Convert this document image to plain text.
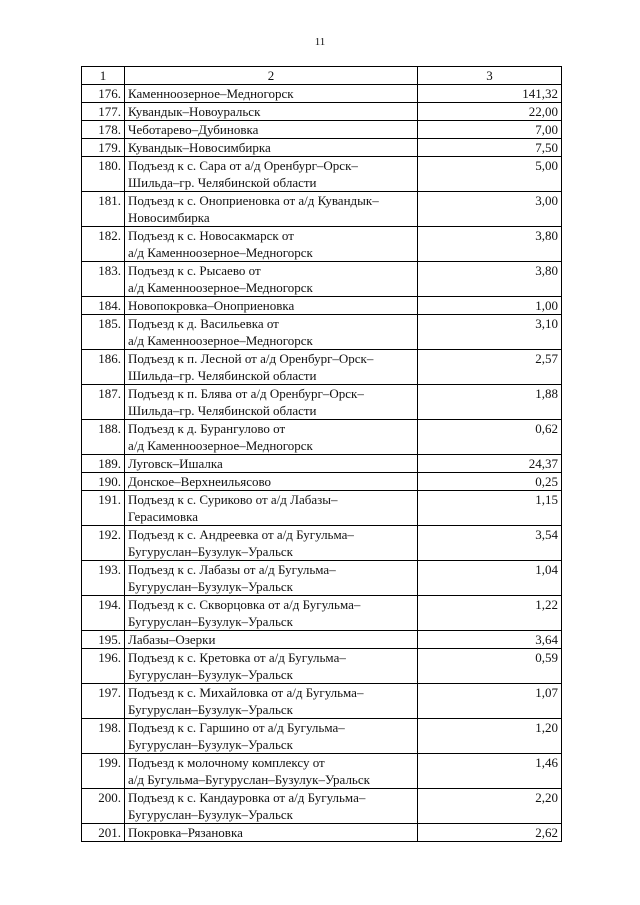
11
1	2	3
176.	Каменноозерное–Медногорск	141,32
177.	Кувандык–Новоуральск	22,00
178.	Чеботарево–Дубиновка	7,00
179.	Кувандык–Новосимбирка	7,50
180.	Подъезд к с. Сара от а/д Оренбург–Орск–
Шильда–гр. Челябинской области	5,00
181.	Подъезд к с. Оноприеновка от а/д Кувандык–
Новосимбирка	3,00
182.	Подъезд к с. Новосакмарск от
а/д Каменноозерное–Медногорск	3,80
183.	Подъезд к с. Рысаево от
а/д Каменноозерное–Медногорск	3,80
184.	Новопокровка–Оноприеновка	1,00
185.	Подъезд к д. Васильевка от
а/д Каменноозерное–Медногорск	3,10
186.	Подъезд к п. Лесной от а/д Оренбург–Орск–
Шильда–гр. Челябинской области	2,57
187.	Подъезд к п. Блява от а/д Оренбург–Орск–
Шильда–гр. Челябинской области	1,88
188.	Подъезд к д. Бурангулово от
а/д Каменноозерное–Медногорск	0,62
189.	Луговск–Ишалка	24,37
190.	Донское–Верхнеильясово	0,25
191.	Подъезд к с. Суриково от а/д Лабазы–
Герасимовка	1,15
192.	Подъезд к с. Андреевка от а/д Бугульма–
Бугуруслан–Бузулук–Уральск	3,54
193.	Подъезд к с. Лабазы от а/д Бугульма–
Бугуруслан–Бузулук–Уральск	1,04
194.	Подъезд к с. Скворцовка от а/д Бугульма–
Бугуруслан–Бузулук–Уральск	1,22
195.	Лабазы–Озерки	3,64
196.	Подъезд к с. Кретовка от а/д Бугульма–
Бугуруслан–Бузулук–Уральск	0,59
197.	Подъезд к с. Михайловка от а/д Бугульма–
Бугуруслан–Бузулук–Уральск	1,07
198.	Подъезд к с. Гаршино от а/д Бугульма–
Бугуруслан–Бузулук–Уральск	1,20
199.	Подъезд к молочному комплексу от
а/д Бугульма–Бугуруслан–Бузулук–Уральск	1,46
200.	Подъезд к с. Кандауровка от а/д Бугульма–
Бугуруслан–Бузулук–Уральск	2,20
201.	Покровка–Рязановка	2,62
